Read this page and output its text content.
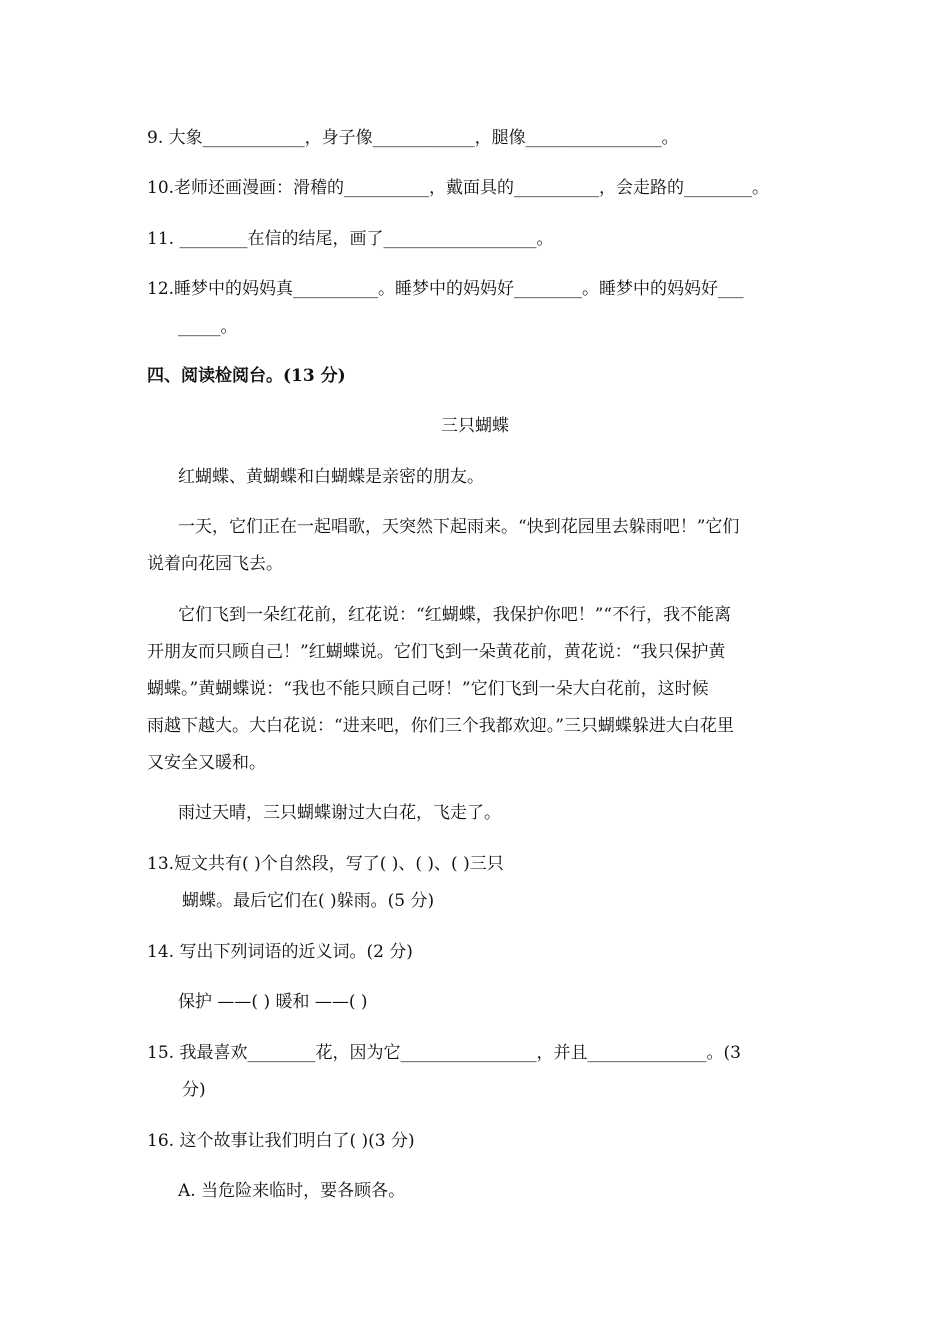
9. 大象____________，身子像____________，腿像________________。
10.老师还画漫画：滑稽的__________，戴面具的__________，会走路的________。
11. ________在信的结尾，画了__________________。
12.睡梦中的妈妈真__________。睡梦中的妈妈好________。睡梦中的妈妈好___
_____。
四、阅读检阅台。(13 分)
三只蝴蝶
红蝴蝶、黄蝴蝶和白蝴蝶是亲密的朋友。
一天，它们正在一起唱歌，天突然下起雨来。“快到花园里去躲雨吧！”它们
说着向花园飞去。
它们飞到一朵红花前，红花说：“红蝴蝶，我保护你吧！”“不行，我不能离
开朋友而只顾自己！”红蝴蝶说。它们飞到一朵黄花前，黄花说：“我只保护黄
蝴蝶。”黄蝴蝶说：“我也不能只顾自己呀！”它们飞到一朵大白花前，这时候
雨越下越大。大白花说：“进来吧，你们三个我都欢迎。”三只蝴蝶躲进大白花里
又安全又暖和。
雨过天晴，三只蝴蝶谢过大白花，飞走了。
13.短文共有( )个自然段，写了( )、( )、( )三只
蝴蝶。最后它们在( )躲雨。(5 分)
14. 写出下列词语的近义词。(2 分)
保护 ——( ) 暖和 ——( )
15. 我最喜欢________花，因为它________________，并且______________。(3
分)
16. 这个故事让我们明白了( )(3 分)
A. 当危险来临时，要各顾各。
